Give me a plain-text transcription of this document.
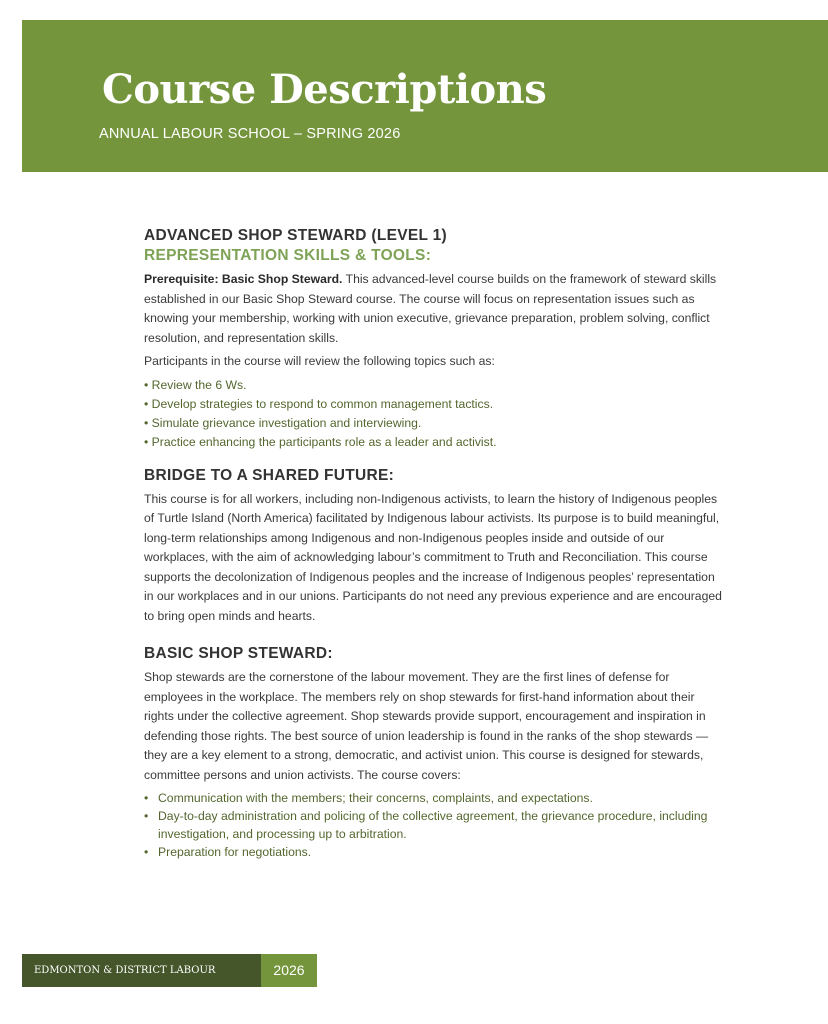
Course Descriptions
ANNUAL LABOUR SCHOOL – SPRING 2026
ADVANCED SHOP STEWARD (LEVEL 1)
REPRESENTATION SKILLS & TOOLS:

Prerequisite: Basic Shop Steward. This advanced-level course builds on the framework of steward skills established in our Basic Shop Steward course. The course will focus on representation issues such as knowing your membership, working with union executive, grievance preparation, problem solving, conflict resolution, and representation skills.

Participants in the course will review the following topics such as:

• Review the 6 Ws.
• Develop strategies to respond to common management tactics.
• Simulate grievance investigation and interviewing.
• Practice enhancing the participants role as a leader and activist.
BRIDGE TO A SHARED FUTURE:

This course is for all workers, including non-Indigenous activists, to learn the history of Indigenous peoples of Turtle Island (North America) facilitated by Indigenous labour activists. Its purpose is to build meaningful, long-term relationships among Indigenous and non-Indigenous peoples inside and outside of our workplaces, with the aim of acknowledging labour’s commitment to Truth and Reconciliation. This course supports the decolonization of Indigenous peoples and the increase of Indigenous peoples’ representation in our workplaces and in our unions. Participants do not need any previous experience and are encouraged to bring open minds and hearts.

BASIC SHOP STEWARD:

Shop stewards are the cornerstone of the labour movement. They are the first lines of defense for employees in the workplace. The members rely on shop stewards for first-hand information about their rights under the collective agreement. Shop stewards provide support, encouragement and inspiration in defending those rights. The best source of union leadership is found in the ranks of the shop stewards — they are a key element to a strong, democratic, and activist union. This course is designed for stewards, committee persons and union activists. The course covers:

• Communication with the members; their concerns, complaints, and expectations.
• Day-to-day administration and policing of the collective agreement, the grievance procedure, including investigation, and processing up to arbitration.
• Preparation for negotiations.
EDMONTON & DISTRICT LABOUR COUNCIL
2026
